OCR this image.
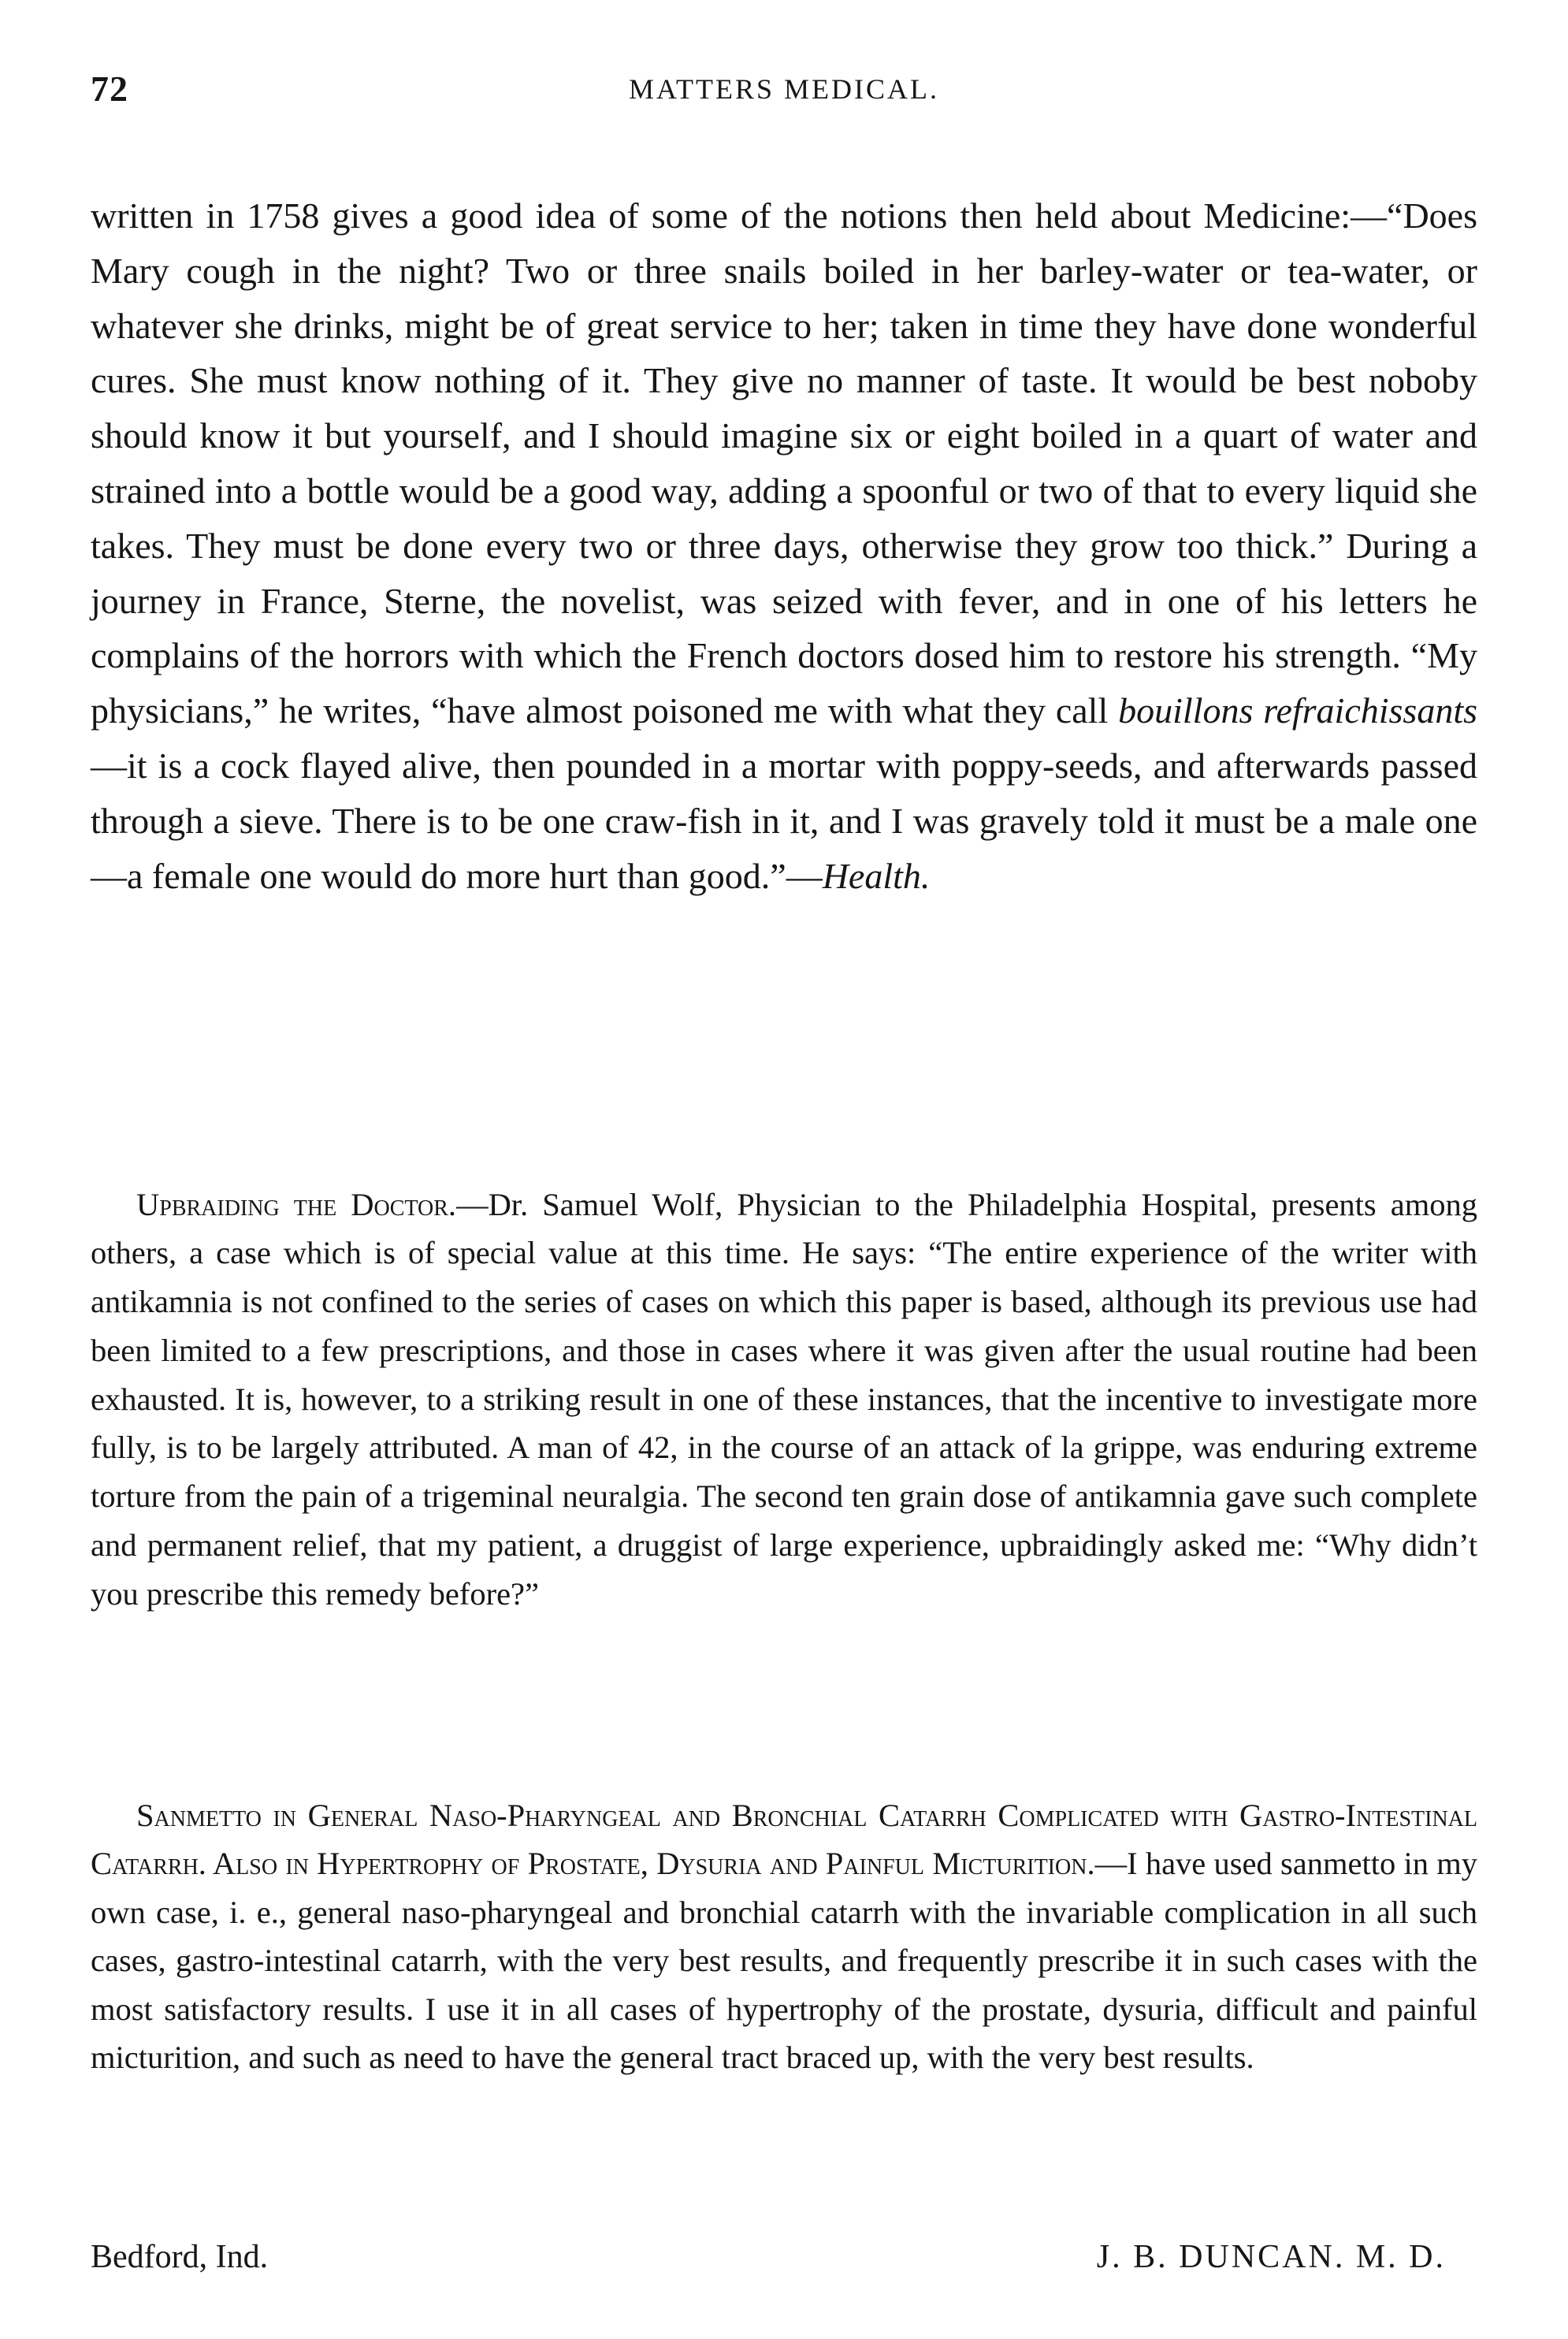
72	MATTERS MEDICAL.

written in 1758 gives a good idea of some of the notions then held about Medicine:—“Does Mary cough in the night? Two or three snails boiled in her barley-water or tea-water, or whatever she drinks, might be of great service to her; taken in time they have done wonderful cures. She must know nothing of it. They give no manner of taste. It would be best noboby should know it but yourself, and I should imagine six or eight boiled in a quart of water and strained into a bottle would be a good way, adding a spoonful or two of that to every liquid she takes. They must be done every two or three days, otherwise they grow too thick.” During a journey in France, Sterne, the novelist, was seized with fever, and in one of his letters he complains of the horrors with which the French doctors dosed him to restore his strength. “My physicians,” he writes, “have almost poisoned me with what they call bouillons refraichissants—it is a cock flayed alive, then pounded in a mortar with poppy-seeds, and afterwards passed through a sieve. There is to be one craw-fish in it, and I was gravely told it must be a male one—a female one would do more hurt than good.”—Health.

Upbraiding the Doctor.—Dr. Samuel Wolf, Physician to the Philadelphia Hospital, presents among others, a case which is of special value at this time. He says: “The entire experience of the writer with antikamnia is not confined to the series of cases on which this paper is based, although its previous use had been limited to a few prescriptions, and those in cases where it was given after the usual routine had been exhausted. It is, however, to a striking result in one of these instances, that the incentive to investigate more fully, is to be largely attributed. A man of 42, in the course of an attack of la grippe, was enduring extreme torture from the pain of a trigeminal neuralgia. The second ten grain dose of antikamnia gave such complete and permanent relief, that my patient, a druggist of large experience, upbraidingly asked me: “Why didn’t you prescribe this remedy before?”

Sanmetto in General Naso-Pharyngeal and Bronchial Catarrh Complicated with Gastro-Intestinal Catarrh. Also in Hypertrophy of Prostate, Dysuria and Painful Micturition.—I have used sanmetto in my own case, i. e., general naso-pharyngeal and bronchial catarrh with the invariable complication in all such cases, gastro-intestinal catarrh, with the very best results, and frequently prescribe it in such cases with the most satisfactory results. I use it in all cases of hypertrophy of the prostate, dysuria, difficult and painful micturition, and such as need to have the general tract braced up, with the very best results.

Bedford, Ind.	J. B. DUNCAN. M. D.
